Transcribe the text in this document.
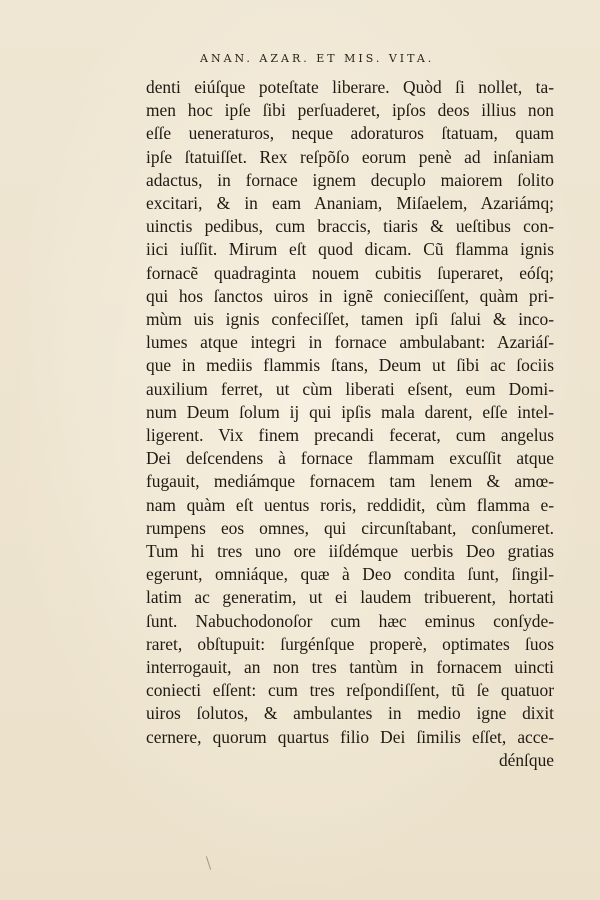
ANAN. AZAR. ET MIS. VITA.
denti eiúſque poteſtate liberare. Quòd ſi nollet, ta-
men hoc ipſe ſibi perſuaderet, ipſos deos illius non
eſſe ueneraturos, neque adoraturos ſtatuam, quam
ipſe ſtatuiſſet. Rex reſpõſo eorum penè ad inſaniam
adactus, in fornace ignem decuplo maiorem ſolito
excitari, & in eam Ananiam, Miſaelem, Azariámq;
uinctis pedibus, cum braccis, tiaris & ueſtibus con-
iici iuſſit. Mirum eſt quod dicam. Cũ flamma ignis
fornacẽ quadraginta nouem cubitis ſuperaret, eóſq;
qui hos ſanctos uiros in ignẽ conieciſſent, quàm pri-
mùm uis ignis confeciſſet, tamen ipſi ſalui & inco-
lumes atque integri in fornace ambulabant: Azariáſ-
que in mediis flammis ſtans, Deum ut ſibi ac ſociis
auxilium ferret, ut cùm liberati eſsent, eum Domi-
num Deum ſolum ij qui ipſis mala darent, eſſe intel-
ligerent. Vix finem precandi fecerat, cum angelus
Dei deſcendens à fornace flammam excuſſit atque
fugauit, mediámque fornacem tam lenem & amœ-
nam quàm eſt uentus roris, reddidit, cùm flamma e-
rumpens eos omnes, qui circunſtabant, conſumeret.
Tum hi tres uno ore iiſdémque uerbis Deo gratias
egerunt, omniáque, quæ à Deo condita ſunt, ſingil-
latim ac generatim, ut ei laudem tribuerent, hortati
ſunt. Nabuchodonoſor cum hæc eminus conſyde-
raret, obſtupuit: ſurgénſque properè, optimates ſuos
interrogauit, an non tres tantùm in fornacem uincti
coniecti eſſent: cum tres reſpondiſſent, tũ ſe quatuor
uiros ſolutos, & ambulantes in medio igne dixit
cernere, quorum quartus filio Dei ſimilis eſſet, acce-
dénſque
